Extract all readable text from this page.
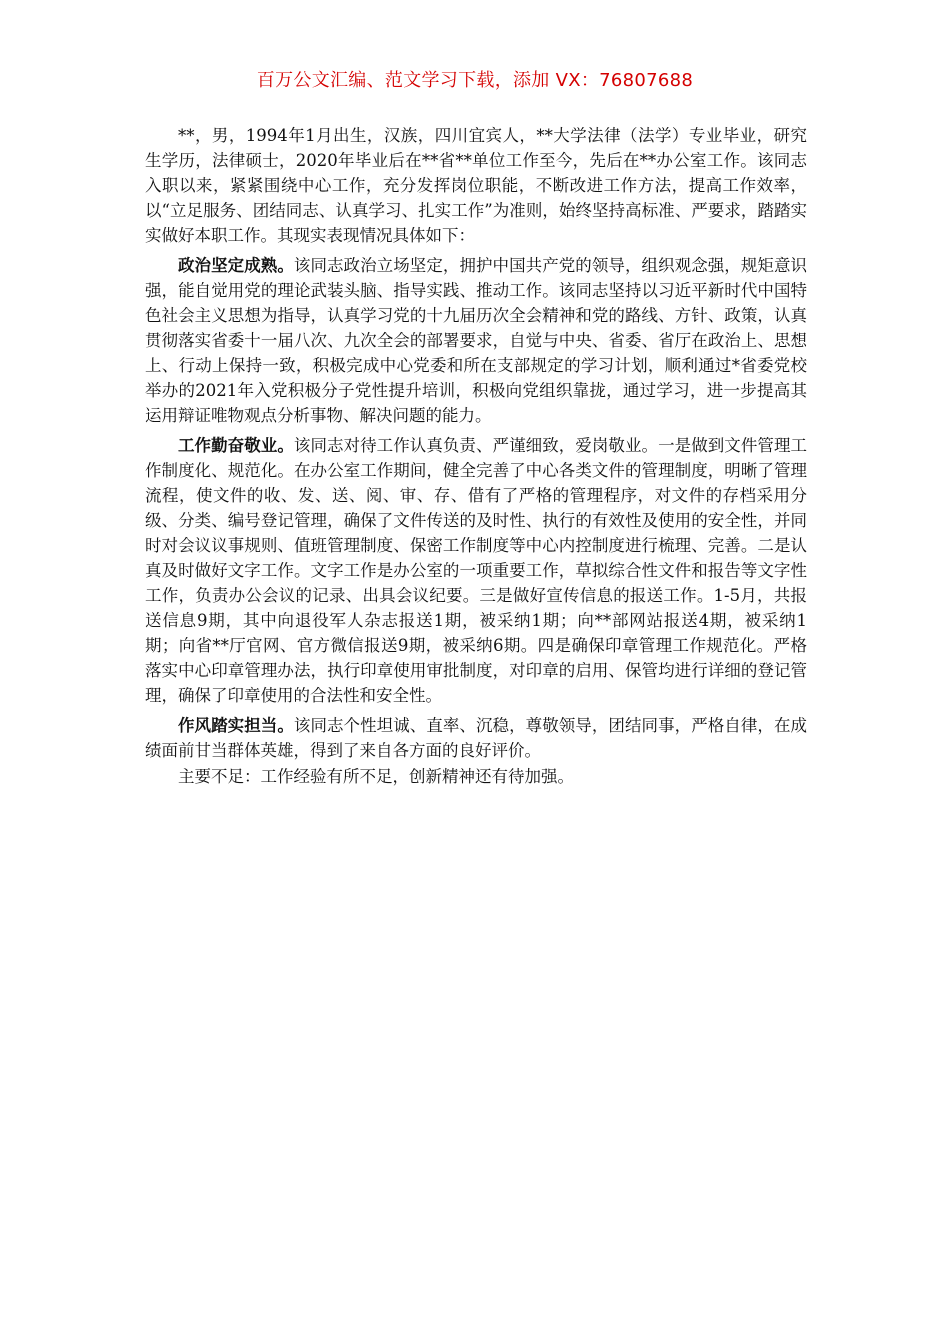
百万公文汇编、范文学习下载，添加 VX：76807688

**，男，1994年1月出生，汉族，四川宜宾人，**大学法律（法学）专业毕业，研究生学历，法律硕士，2020年毕业后在**省**单位工作至今，先后在**办公室工作。该同志入职以来，紧紧围绕中心工作，充分发挥岗位职能，不断改进工作方法，提高工作效率，以“立足服务、团结同志、认真学习、扎实工作”为准则，始终坚持高标准、严要求，踏踏实实做好本职工作。其现实表现情况具体如下：

政治坚定成熟。该同志政治立场坚定，拥护中国共产党的领导，组织观念强，规矩意识强，能自觉用党的理论武装头脑、指导实践、推动工作。该同志坚持以习近平新时代中国特色社会主义思想为指导，认真学习党的十九届历次全会精神和党的路线、方针、政策，认真贯彻落实省委十一届八次、九次全会的部署要求，自觉与中央、省委、省厅在政治上、思想上、行动上保持一致，积极完成中心党委和所在支部规定的学习计划，顺利通过*省委党校举办的2021年入党积极分子党性提升培训，积极向党组织靠拢，通过学习，进一步提高其运用辩证唯物观点分析事物、解决问题的能力。

工作勤奋敬业。该同志对待工作认真负责、严谨细致，爱岗敬业。一是做到文件管理工作制度化、规范化。在办公室工作期间，健全完善了中心各类文件的管理制度，明晰了管理流程，使文件的收、发、送、阅、审、存、借有了严格的管理程序，对文件的存档采用分级、分类、编号登记管理，确保了文件传送的及时性、执行的有效性及使用的安全性，并同时对会议议事规则、值班管理制度、保密工作制度等中心内控制度进行梳理、完善。二是认真及时做好文字工作。文字工作是办公室的一项重要工作，草拟综合性文件和报告等文字性工作，负责办公会议的记录、出具会议纪要。三是做好宣传信息的报送工作。1-5月，共报送信息9期，其中向退役军人杂志报送1期，被采纳1期；向**部网站报送4期，被采纳1期；向省**厅官网、官方微信报送9期，被采纳6期。四是确保印章管理工作规范化。严格落实中心印章管理办法，执行印章使用审批制度，对印章的启用、保管均进行详细的登记管理，确保了印章使用的合法性和安全性。

作风踏实担当。该同志个性坦诚、直率、沉稳，尊敬领导，团结同事，严格自律，在成绩面前甘当群体英雄，得到了来自各方面的良好评价。

主要不足：工作经验有所不足，创新精神还有待加强。
